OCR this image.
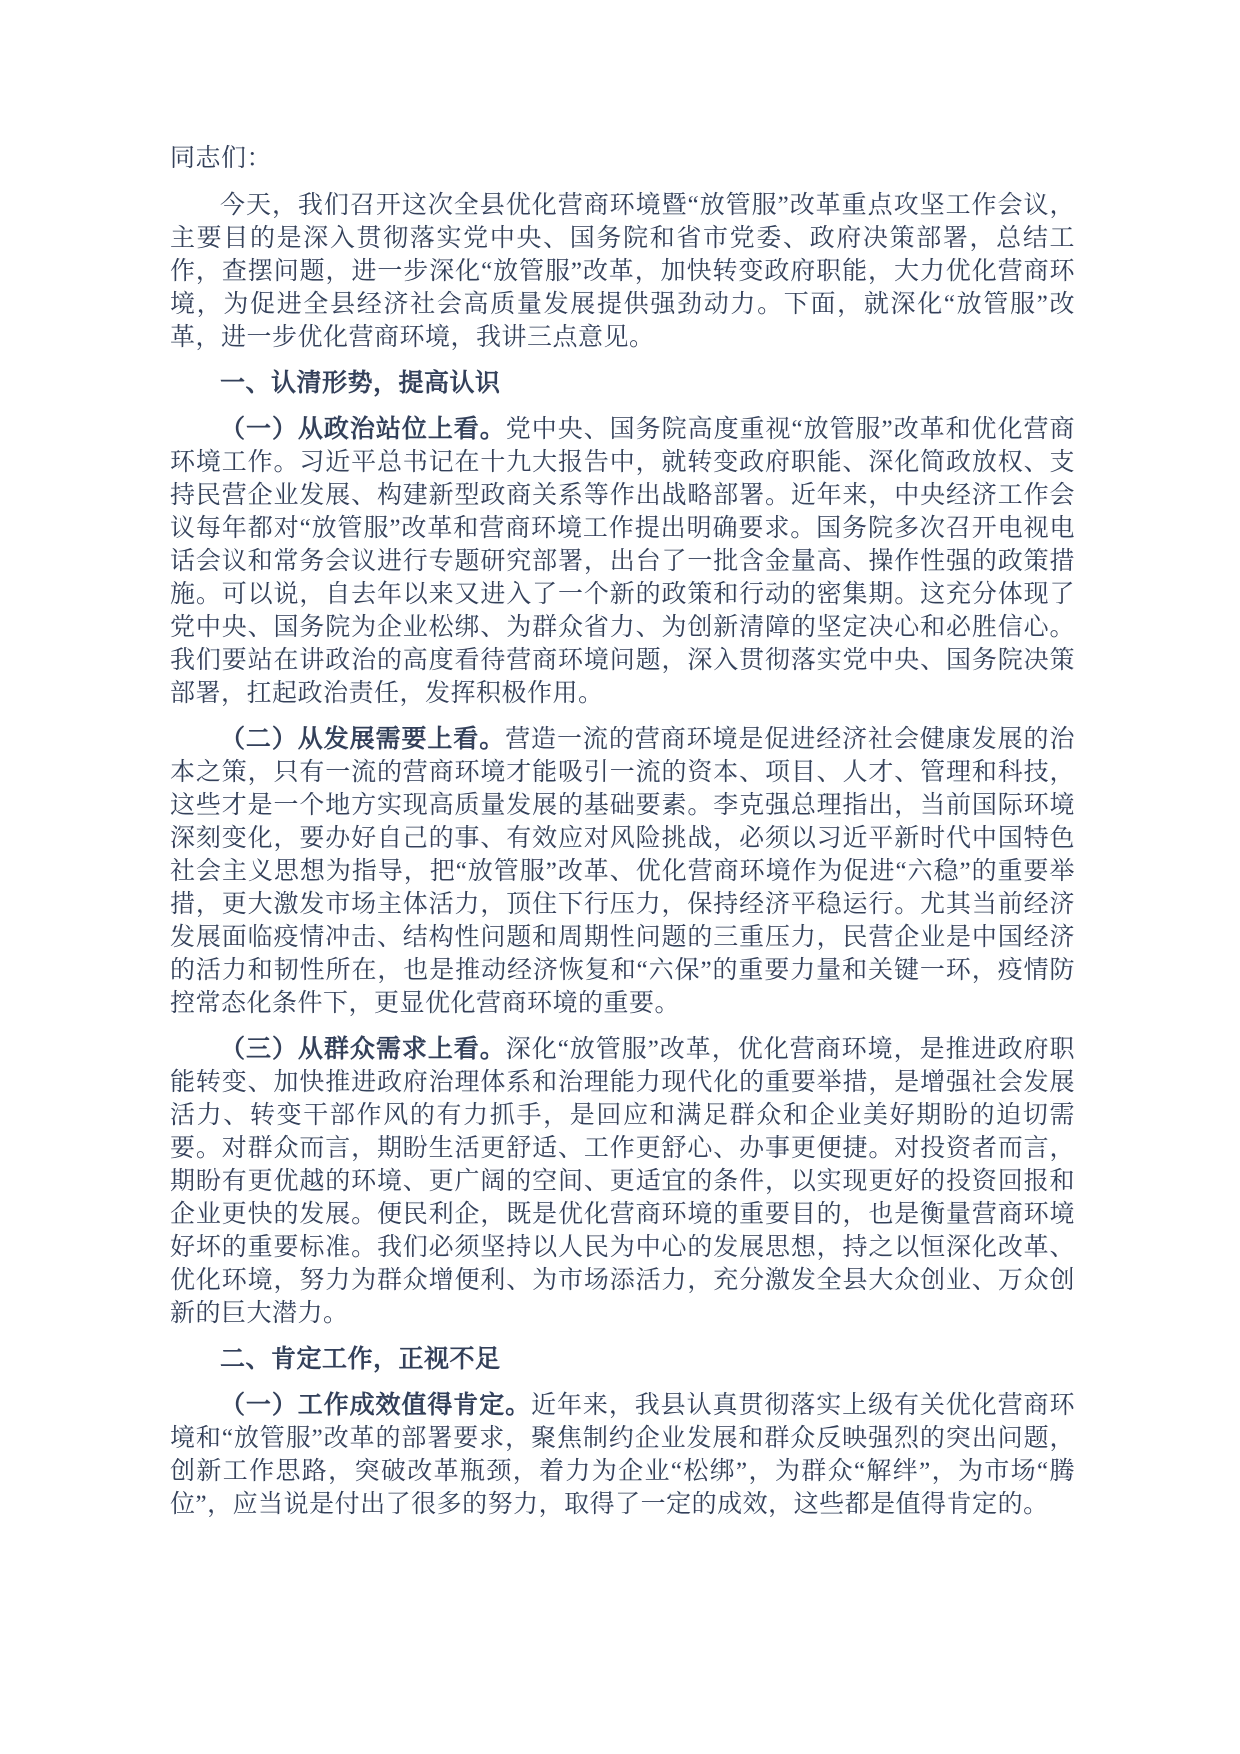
同志们：

今天，我们召开这次全县优化营商环境暨“放管服”改革重点攻坚工作会议，主要目的是深入贯彻落实党中央、国务院和省市党委、政府决策部署，总结工作，查摆问题，进一步深化“放管服”改革，加快转变政府职能，大力优化营商环境，为促进全县经济社会高质量发展提供强劲动力。下面，就深化“放管服”改革，进一步优化营商环境，我讲三点意见。

一、认清形势，提高认识

（一）从政治站位上看。党中央、国务院高度重视“放管服”改革和优化营商环境工作。习近平总书记在十九大报告中，就转变政府职能、深化简政放权、支持民营企业发展、构建新型政商关系等作出战略部署。近年来，中央经济工作会议每年都对“放管服”改革和营商环境工作提出明确要求。国务院多次召开电视电话会议和常务会议进行专题研究部署，出台了一批含金量高、操作性强的政策措施。可以说，自去年以来又进入了一个新的政策和行动的密集期。这充分体现了党中央、国务院为企业松绑、为群众省力、为创新清障的坚定决心和必胜信心。我们要站在讲政治的高度看待营商环境问题，深入贯彻落实党中央、国务院决策部署，扛起政治责任，发挥积极作用。

（二）从发展需要上看。营造一流的营商环境是促进经济社会健康发展的治本之策，只有一流的营商环境才能吸引一流的资本、项目、人才、管理和科技，这些才是一个地方实现高质量发展的基础要素。李克强总理指出，当前国际环境深刻变化，要办好自己的事、有效应对风险挑战，必须以习近平新时代中国特色社会主义思想为指导，把“放管服”改革、优化营商环境作为促进“六稳”的重要举措，更大激发市场主体活力，顶住下行压力，保持经济平稳运行。尤其当前经济发展面临疫情冲击、结构性问题和周期性问题的三重压力，民营企业是中国经济的活力和韧性所在，也是推动经济恢复和“六保”的重要力量和关键一环，疫情防控常态化条件下，更显优化营商环境的重要。

（三）从群众需求上看。深化“放管服”改革，优化营商环境，是推进政府职能转变、加快推进政府治理体系和治理能力现代化的重要举措，是增强社会发展活力、转变干部作风的有力抓手，是回应和满足群众和企业美好期盼的迫切需要。对群众而言，期盼生活更舒适、工作更舒心、办事更便捷。对投资者而言，期盼有更优越的环境、更广阔的空间、更适宜的条件，以实现更好的投资回报和企业更快的发展。便民利企，既是优化营商环境的重要目的，也是衡量营商环境好坏的重要标准。我们必须坚持以人民为中心的发展思想，持之以恒深化改革、优化环境，努力为群众增便利、为市场添活力，充分激发全县大众创业、万众创新的巨大潜力。

二、肯定工作，正视不足

（一）工作成效值得肯定。近年来，我县认真贯彻落实上级有关优化营商环境和“放管服”改革的部署要求，聚焦制约企业发展和群众反映强烈的突出问题，创新工作思路，突破改革瓶颈，着力为企业“松绑”，为群众“解绊”，为市场“腾位”，应当说是付出了很多的努力，取得了一定的成效，这些都是值得肯定的。
